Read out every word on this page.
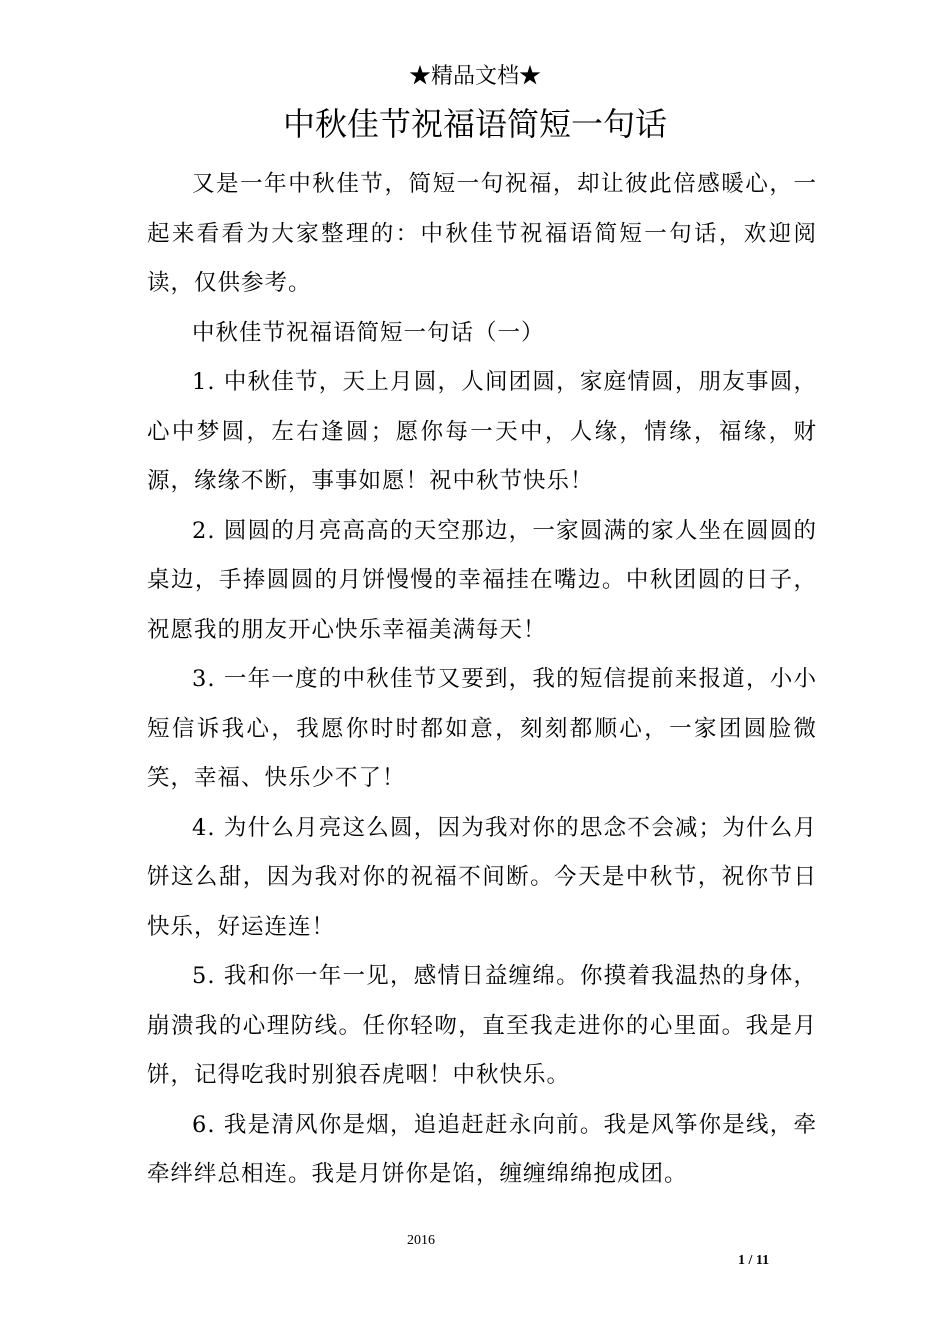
★精品文档★
中秋佳节祝福语简短一句话

又是一年中秋佳节，简短一句祝福，却让彼此倍感暖心，一起来看看为大家整理的：中秋佳节祝福语简短一句话，欢迎阅读，仅供参考。

中秋佳节祝福语简短一句话（一）

1. 中秋佳节，天上月圆，人间团圆，家庭情圆，朋友事圆，心中梦圆，左右逢圆；愿你每一天中，人缘，情缘，福缘，财源，缘缘不断，事事如愿！祝中秋节快乐！

2. 圆圆的月亮高高的天空那边，一家圆满的家人坐在圆圆的桌边，手捧圆圆的月饼慢慢的幸福挂在嘴边。中秋团圆的日子，祝愿我的朋友开心快乐幸福美满每天！

3. 一年一度的中秋佳节又要到，我的短信提前来报道，小小短信诉我心，我愿你时时都如意，刻刻都顺心，一家团圆脸微笑，幸福、快乐少不了！

4. 为什么月亮这么圆，因为我对你的思念不会减；为什么月饼这么甜，因为我对你的祝福不间断。今天是中秋节，祝你节日快乐，好运连连！

5. 我和你一年一见，感情日益缠绵。你摸着我温热的身体，崩溃我的心理防线。任你轻吻，直至我走进你的心里面。我是月饼，记得吃我时别狼吞虎咽！中秋快乐。

6. 我是清风你是烟，追追赶赶永向前。我是风筝你是线，牵牵绊绊总相连。我是月饼你是馅，缠缠绵绵抱成团。

2016
1 / 11
